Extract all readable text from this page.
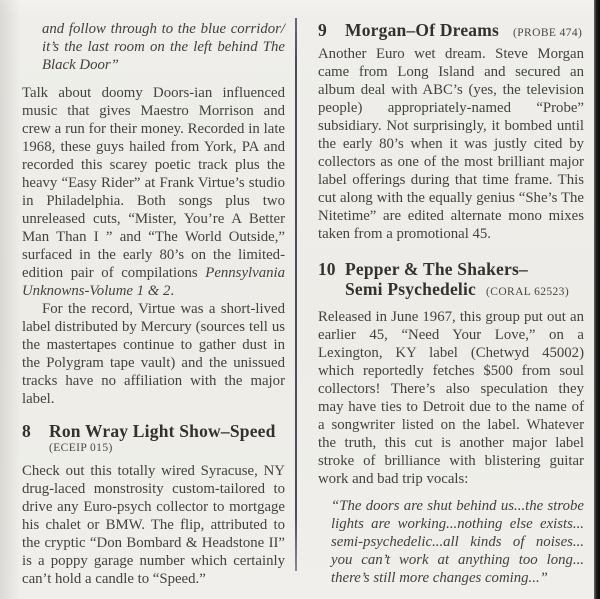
and follow through to the blue corridor/ it’s the last room on the left behind The Black Door”

Talk about doomy Doors-ian influenced music that gives Maestro Morrison and crew a run for their money. Recorded in late 1968, these guys hailed from York, PA and recorded this scarey poetic track plus the heavy “Easy Rider” at Frank Virtue’s studio in Philadelphia. Both songs plus two unreleased cuts, “Mister, You’re A Better Man Than I ” and “The World Outside,” surfaced in the early 80’s on the limited-edition pair of compilations Pennsylvania Unknowns-Volume 1 & 2.

For the record, Virtue was a short-lived label distributed by Mercury (sources tell us the mastertapes continue to gather dust in the Polygram tape vault) and the unissued tracks have no affiliation with the major label.

8	Ron Wray Light Show–Speed
(ECEIP 015)

Check out this totally wired Syracuse, NY drug-laced monstrosity custom-tailored to drive any Euro-psych collector to mortgage his chalet or BMW. The flip, attributed to the cryptic “Don Bombard & Headstone II” is a poppy garage number which certainly can’t hold a candle to “Speed.”

9	Morgan–Of Dreams (PROBE 474)

Another Euro wet dream. Steve Morgan came from Long Island and secured an album deal with ABC’s (yes, the television people) appropriately-named “Probe” subsidiary. Not surprisingly, it bombed until the early 80’s when it was justly cited by collectors as one of the most brilliant major label offerings during that time frame. This cut along with the equally genius “She’s The Nitetime” are edited alternate mono mixes taken from a promotional 45.

10 Pepper & The Shakers–
Semi Psychedelic (CORAL 62523)

Released in June 1967, this group put out an earlier 45, “Need Your Love,” on a Lexington, KY label (Chetwyd 45002) which reportedly fetches $500 from soul collectors! There’s also speculation they may have ties to Detroit due to the name of a songwriter listed on the label. Whatever the truth, this cut is another major label stroke of brilliance with blistering guitar work and bad trip vocals:

“The doors are shut behind us...the strobe lights are working...nothing else exists... semi-psychedelic...all kinds of noises... you can’t work at anything too long... there’s still more changes coming...”
